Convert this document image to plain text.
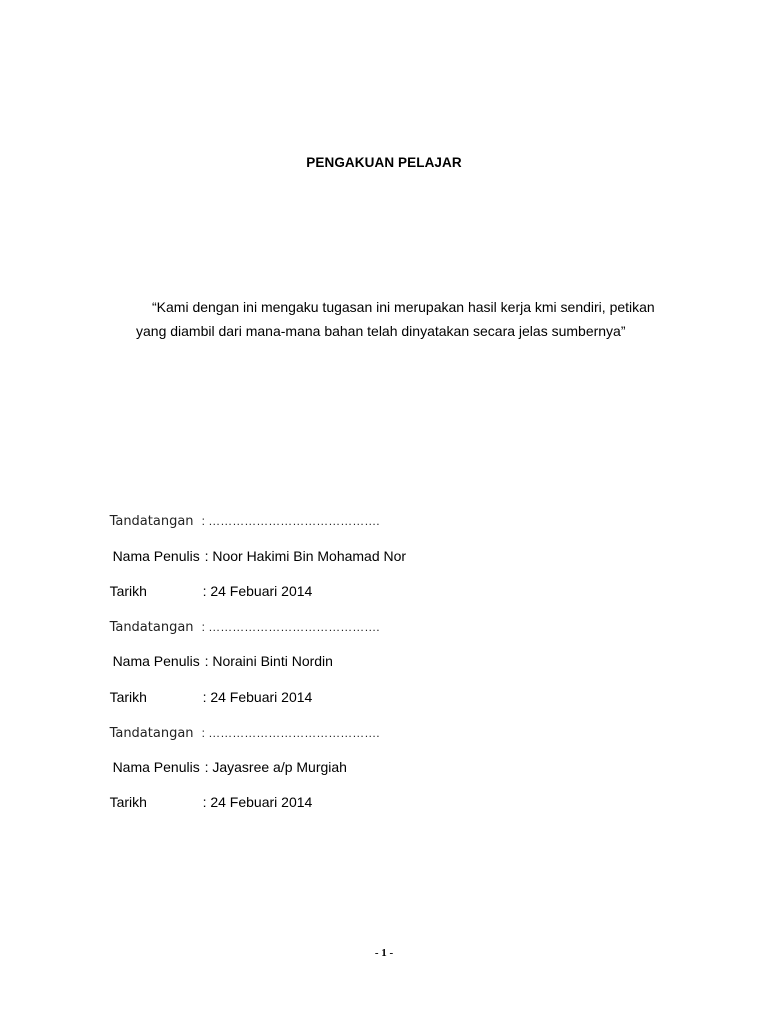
PENGAKUAN PELAJAR
“Kami dengan ini mengaku tugasan ini merupakan hasil kerja kmi sendiri, petikan
yang diambil dari mana-mana bahan telah dinyatakan secara jelas sumbernya”

Tandatangan : …………………………………….

Nama Penulis : Noor Hakimi Bin Mohamad Nor

Tarikh	: 24 Febuari 2014

Tandatangan : …………………………………….

Nama Penulis : Noraini Binti Nordin

Tarikh	: 24 Febuari 2014

Tandatangan : …………………………………….

Nama Penulis : Jayasree a/p Murgiah

Tarikh	: 24 Febuari 2014

- 1 -
